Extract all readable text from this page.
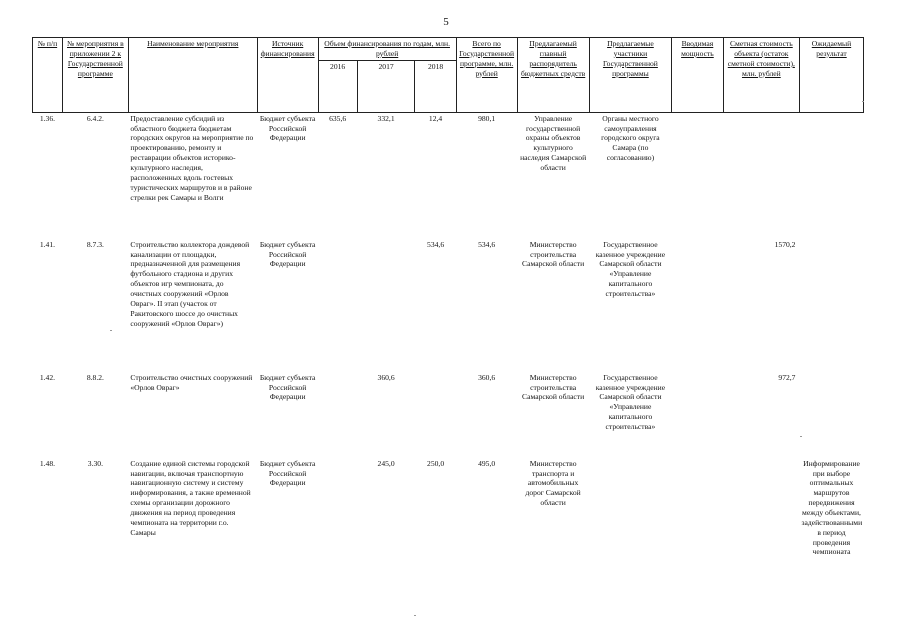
5
№ п/п	№ мероприятия в приложении 2 к Государственной программе	Наименование мероприятия	Источник финансирования	Объем финансирования по годам, млн. рублей			Всего по Государственной программе, млн. рублей	Предлагаемый главный распорядитель бюджетных средств	Предлагаемые участники Государственной программы	Вводимая мощность	Сметная стоимость объекта (остаток сметной стоимости), млн. рублей	Ожидаемый результат
				2016	2017	2018						
1.36.	6.4.2.	Предоставление субсидий из областного бюджета бюджетам городских округов на мероприятие по проектированию, ремонту и реставрации объектов историко-культурного наследия, расположенных вдоль гостевых туристических маршрутов и в районе стрелки рек Самары и Волги	Бюджет субъекта Российской Федерации	635,6	332,1	12,4	980,1	Управление государственной охраны объектов культурного наследия Самарской области	Органы местного самоуправления городского округа Самара (по согласованию)			
1.41.	8.7.3.	Строительство коллектора дождевой канализации от площадки, предназначенной для размещения футбольного стадиона и других объектов игр чемпионата, до очистных сооружений «Орлов Овраг». II этап (участок от Ракитовского шоссе до очистных сооружений «Орлов Овраг»)	Бюджет субъекта Российской Федерации			534,6	534,6	Министерство строительства Самарской области	Государственное казенное учреждение Самарской области «Управление капитального строительства»		1570,2	
1.42.	8.8.2.	Строительство очистных сооружений «Орлов Овраг»	Бюджет субъекта Российской Федерации		360,6		360,6	Министерство строительства Самарской области	Государственное казенное учреждение Самарской области «Управление капитального строительства»		972,7	
1.48.	3.30.	Создание единой системы городской навигации, включая транспортную навигационную систему и систему информирования, а также временной схемы организации дорожного движения на период проведения чемпионата на территории г.о. Самары	Бюджет субъекта Российской Федерации		245,0	250,0	495,0	Министерство транспорта и автомобильных дорог Самарской области				Информирование при выборе оптимальных маршрутов передвижения между объектами, задействованными в период проведения чемпионата
